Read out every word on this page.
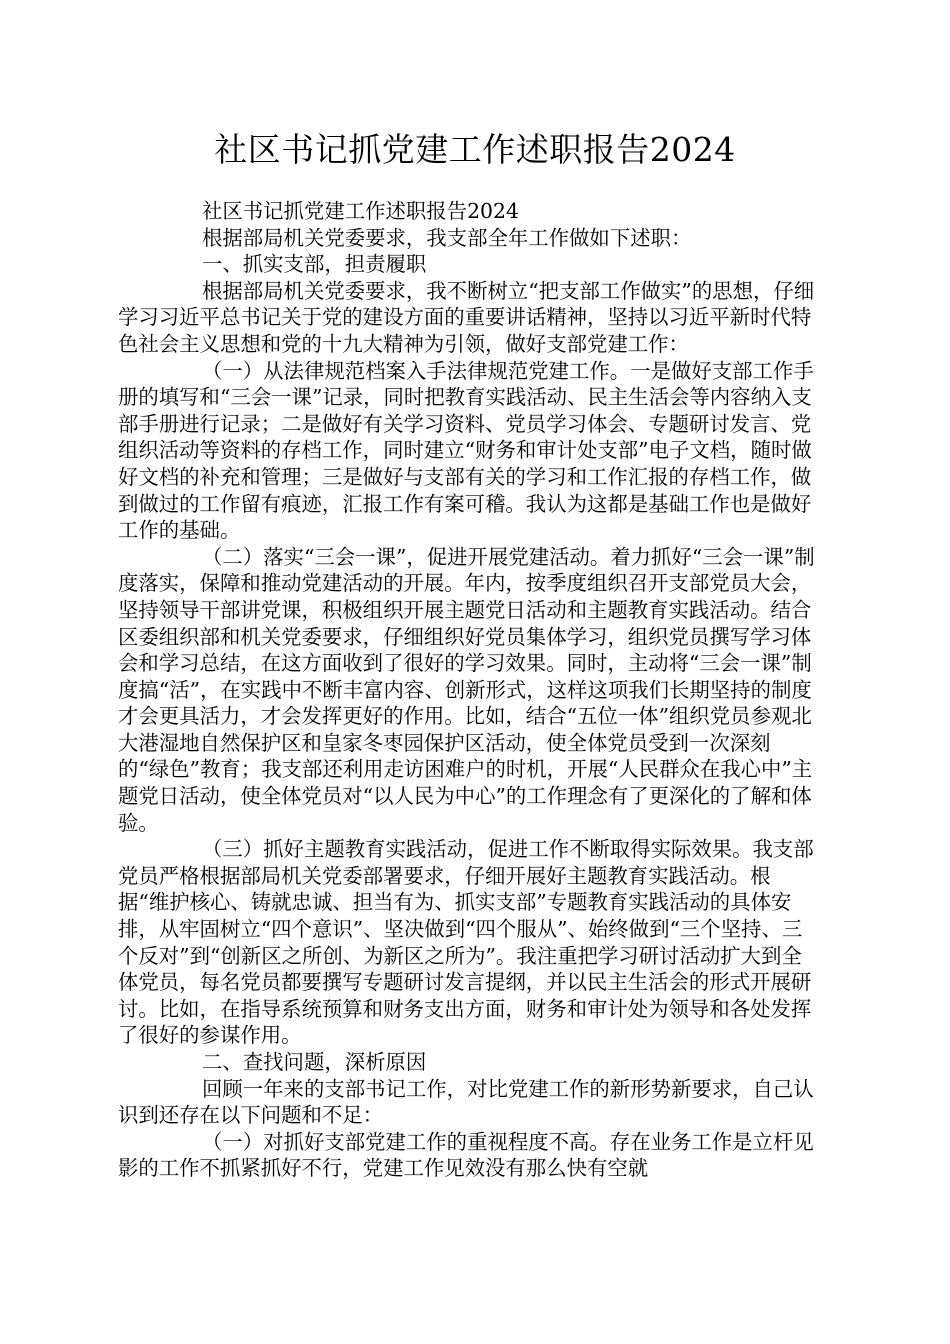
社区书记抓党建工作述职报告2024

社区书记抓党建工作述职报告2024

根据部局机关党委要求，我支部全年工作做如下述职：

一、抓实支部，担责履职

根据部局机关党委要求，我不断树立“把支部工作做实”的思想，仔细学习习近平总书记关于党的建设方面的重要讲话精神，坚持以习近平新时代特色社会主义思想和党的十九大精神为引领，做好支部党建工作：

（一）从法律规范档案入手法律规范党建工作。一是做好支部工作手册的填写和“三会一课”记录，同时把教育实践活动、民主生活会等内容纳入支部手册进行记录；二是做好有关学习资料、党员学习体会、专题研讨发言、党组织活动等资料的存档工作，同时建立“财务和审计处支部”电子文档，随时做好文档的补充和管理；三是做好与支部有关的学习和工作汇报的存档工作，做到做过的工作留有痕迹，汇报工作有案可稽。我认为这都是基础工作也是做好工作的基础。

（二）落实“三会一课”，促进开展党建活动。着力抓好“三会一课”制度落实，保障和推动党建活动的开展。年内，按季度组织召开支部党员大会，坚持领导干部讲党课，积极组织开展主题党日活动和主题教育实践活动。结合区委组织部和机关党委要求，仔细组织好党员集体学习，组织党员撰写学习体会和学习总结，在这方面收到了很好的学习效果。同时，主动将“三会一课”制度搞“活”，在实践中不断丰富内容、创新形式，这样这项我们长期坚持的制度才会更具活力，才会发挥更好的作用。比如，结合“五位一体”组织党员参观北大港湿地自然保护区和皇家冬枣园保护区活动，使全体党员受到一次深刻的“绿色”教育；我支部还利用走访困难户的时机，开展“人民群众在我心中”主题党日活动，使全体党员对“以人民为中心”的工作理念有了更深化的了解和体验。

（三）抓好主题教育实践活动，促进工作不断取得实际效果。我支部党员严格根据部局机关党委部署要求，仔细开展好主题教育实践活动。根据“维护核心、铸就忠诚、担当有为、抓实支部”专题教育实践活动的具体安排，从牢固树立“四个意识”、坚决做到“四个服从”、始终做到“三个坚持、三个反对”到“创新区之所创、为新区之所为”。我注重把学习研讨活动扩大到全体党员，每名党员都要撰写专题研讨发言提纲，并以民主生活会的形式开展研讨。比如，在指导系统预算和财务支出方面，财务和审计处为领导和各处发挥了很好的参谋作用。

二、查找问题，深析原因

回顾一年来的支部书记工作，对比党建工作的新形势新要求，自己认识到还存在以下问题和不足：

（一）对抓好支部党建工作的重视程度不高。存在业务工作是立杆见影的工作不抓紧抓好不行，党建工作见效没有那么快有空就
